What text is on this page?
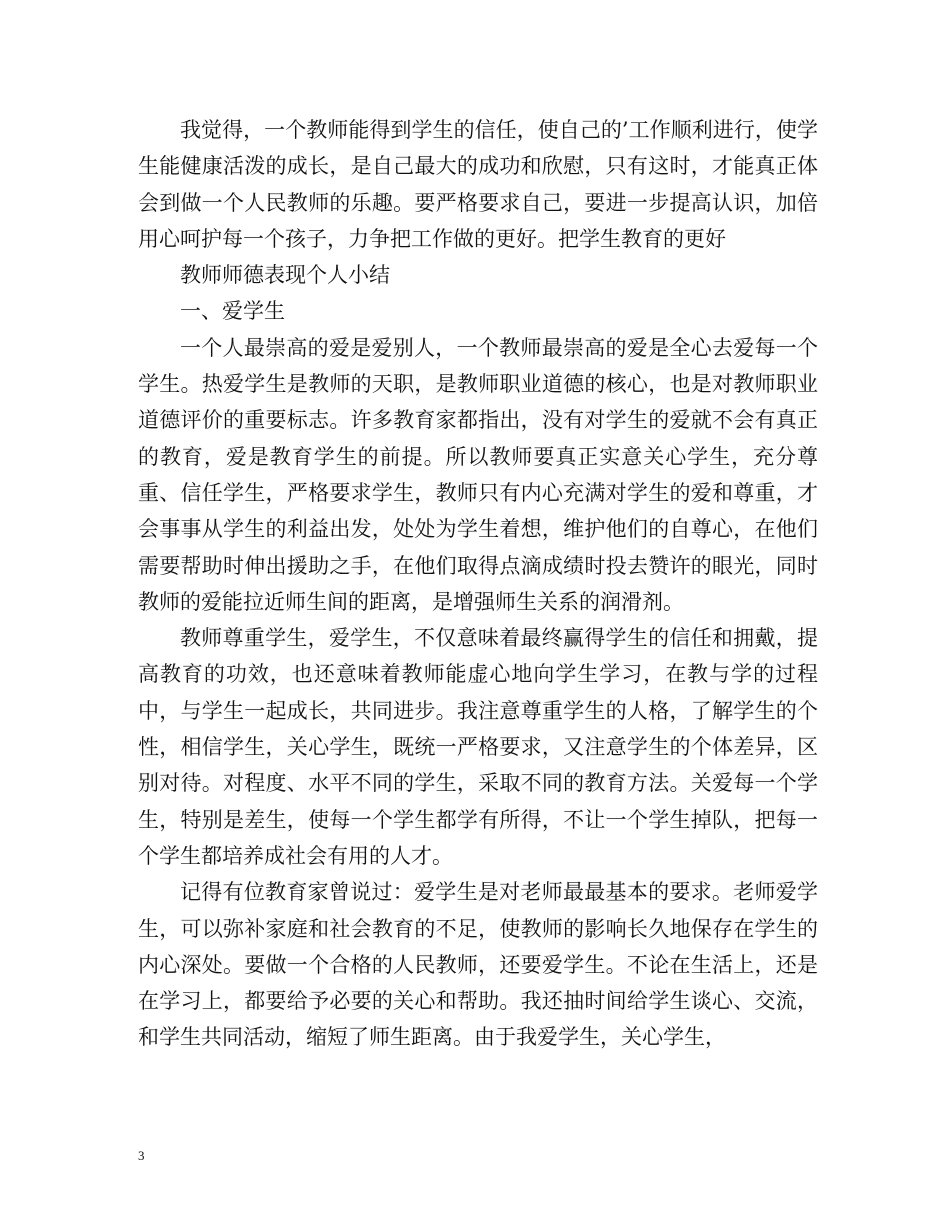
我觉得，一个教师能得到学生的信任，使自己的’工作顺利进行，使学生能健康活泼的成长，是自己最大的成功和欣慰，只有这时，才能真正体会到做一个人民教师的乐趣。要严格要求自己，要进一步提高认识，加倍用心呵护每一个孩子，力争把工作做的更好。把学生教育的更好

教师师德表现个人小结

一、爱学生

一个人最崇高的爱是爱别人，一个教师最崇高的爱是全心去爱每一个学生。热爱学生是教师的天职，是教师职业道德的核心，也是对教师职业道德评价的重要标志。许多教育家都指出，没有对学生的爱就不会有真正的教育，爱是教育学生的前提。所以教师要真正实意关心学生，充分尊重、信任学生，严格要求学生，教师只有内心充满对学生的爱和尊重，才会事事从学生的利益出发，处处为学生着想，维护他们的自尊心，在他们需要帮助时伸出援助之手，在他们取得点滴成绩时投去赞许的眼光，同时教师的爱能拉近师生间的距离，是增强师生关系的润滑剂。

教师尊重学生，爱学生，不仅意味着最终赢得学生的信任和拥戴，提高教育的功效，也还意味着教师能虚心地向学生学习，在教与学的过程中，与学生一起成长，共同进步。我注意尊重学生的人格，了解学生的个性，相信学生，关心学生，既统一严格要求，又注意学生的个体差异，区别对待。对程度、水平不同的学生，采取不同的教育方法。关爱每一个学生，特别是差生，使每一个学生都学有所得，不让一个学生掉队，把每一个学生都培养成社会有用的人才。

记得有位教育家曾说过：爱学生是对老师最最基本的要求。老师爱学生，可以弥补家庭和社会教育的不足，使教师的影响长久地保存在学生的内心深处。要做一个合格的人民教师，还要爱学生。不论在生活上，还是在学习上，都要给予必要的关心和帮助。我还抽时间给学生谈心、交流，和学生共同活动，缩短了师生距离。由于我爱学生，关心学生，

3
